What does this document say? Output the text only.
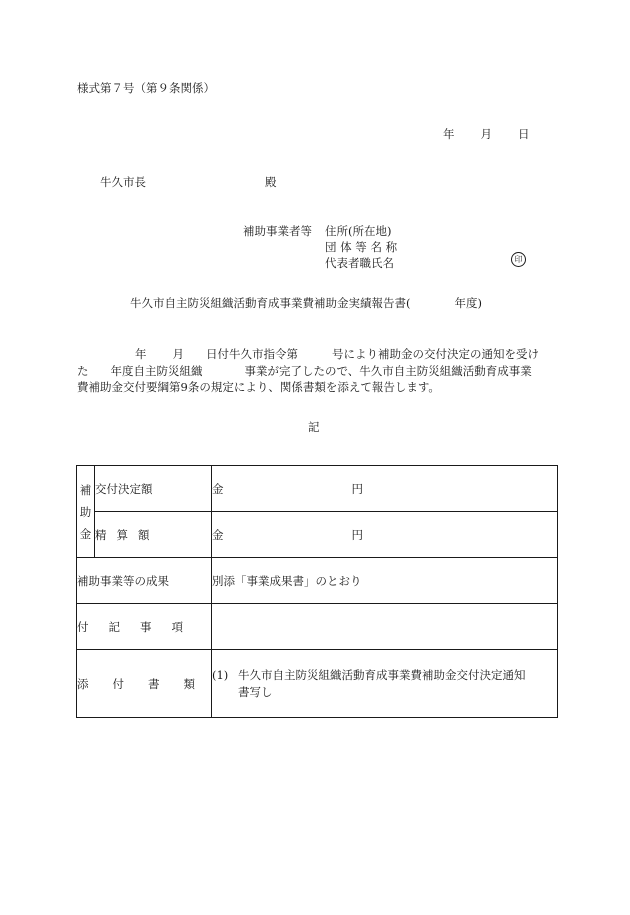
様式第７号（第９条関係）
年 月 日
牛久市長	殿
補助事業者等 住所(所在地)
団 体 等 名 称
代表者職氏名	印
牛久市自主防災組織活動育成事業費補助金実績報告書(	年度)
年 月 日付牛久市指令第	号により補助金の交付決定の通知を受け
た 年度自主防災組織	事業が完了したので、牛久市自主防災組織活動育成事業
費補助金交付要綱第9条の規定により、関係書類を添えて報告します。
記
補
助
金	交付決定額	金 円
	精 算 額	金 円
補助事業等の成果		別添「事業成果書」のとおり
付 記 事 項		
添 付 書 類		(1) 牛久市自主防災組織活動育成事業費補助金交付決定通知
書写し
